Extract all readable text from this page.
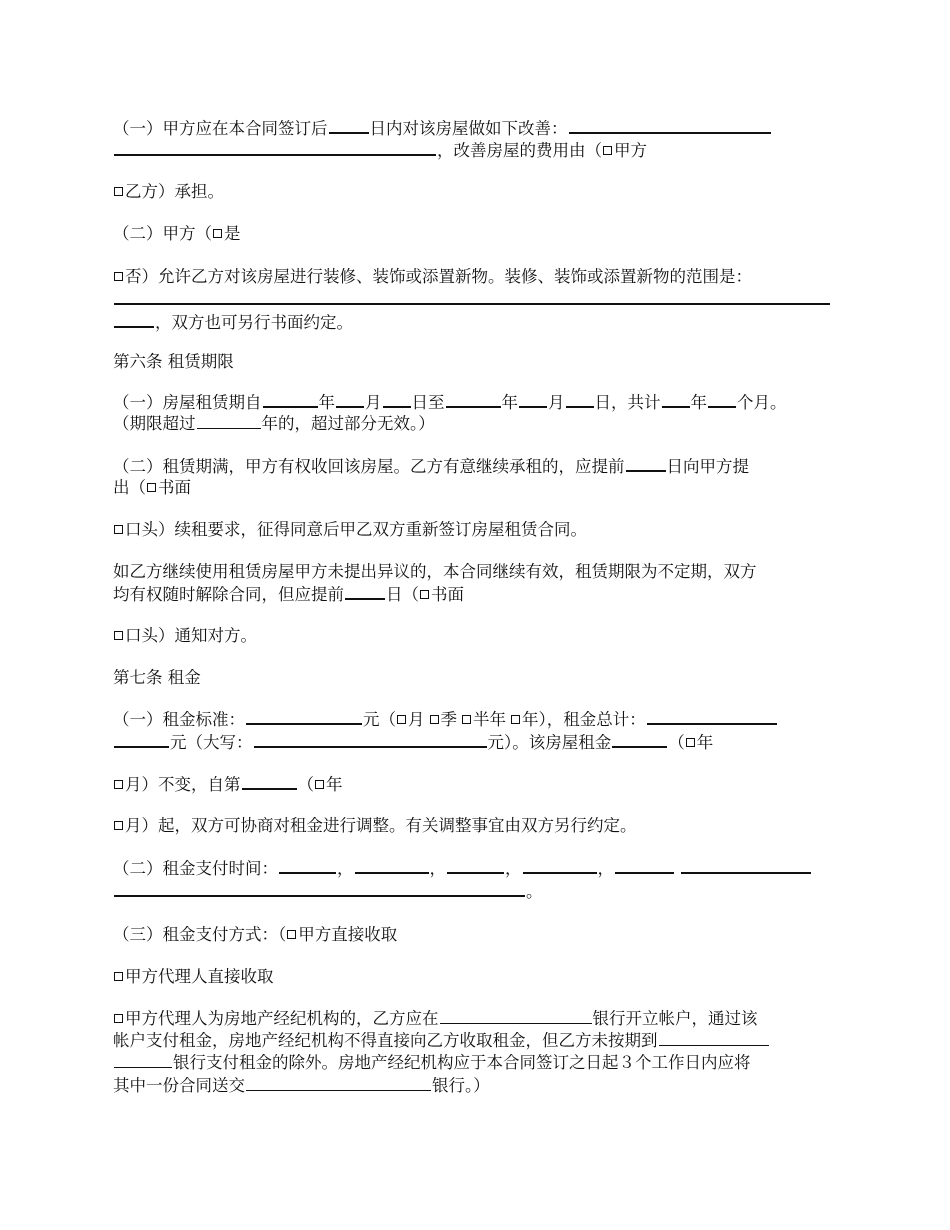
（一）甲方应在本合同签订后	日内对该房屋做如下改善：
，改善房屋的费用由（ 甲方
乙方）承担。
（二）甲方（ 是
否）允许乙方对该房屋进行装修、装饰或添置新物。装修、装饰或添置新物的范围是：
，双方也可另行书面约定。
第六条 租赁期限
（一）房屋租赁期自	年 月 日至	年 月 日，共计 年 个月。
（期限超过	年的，超过部分无效。）
（二）租赁期满，甲方有权收回该房屋。乙方有意继续承租的，应提前	日向甲方提
出（ 书面
口头）续租要求，征得同意后甲乙双方重新签订房屋租赁合同。
如乙方继续使用租赁房屋甲方未提出异议的，本合同继续有效，租赁期限为不定期，双方
均有权随时解除合同，但应提前	日（ 书面
口头）通知对方。
第七条 租金
（一）租金标准：	元（ 月 季 半年 年），租金总计：
元（大写：	元）。该房屋租金	（ 年
月）不变，自第	（ 年
月）起，双方可协商对租金进行调整。有关调整事宜由双方另行约定。
（二）租金支付时间：	，	，	，	，
。
（三）租金支付方式：（ 甲方直接收取
甲方代理人直接收取
甲方代理人为房地产经纪机构的，乙方应在	银行开立帐户，通过该
帐户支付租金，房地产经纪机构不得直接向乙方收取租金，但乙方未按期到
银行支付租金的除外。房地产经纪机构应于本合同签订之日起３个工作日内应将
其中一份合同送交	银行。）
